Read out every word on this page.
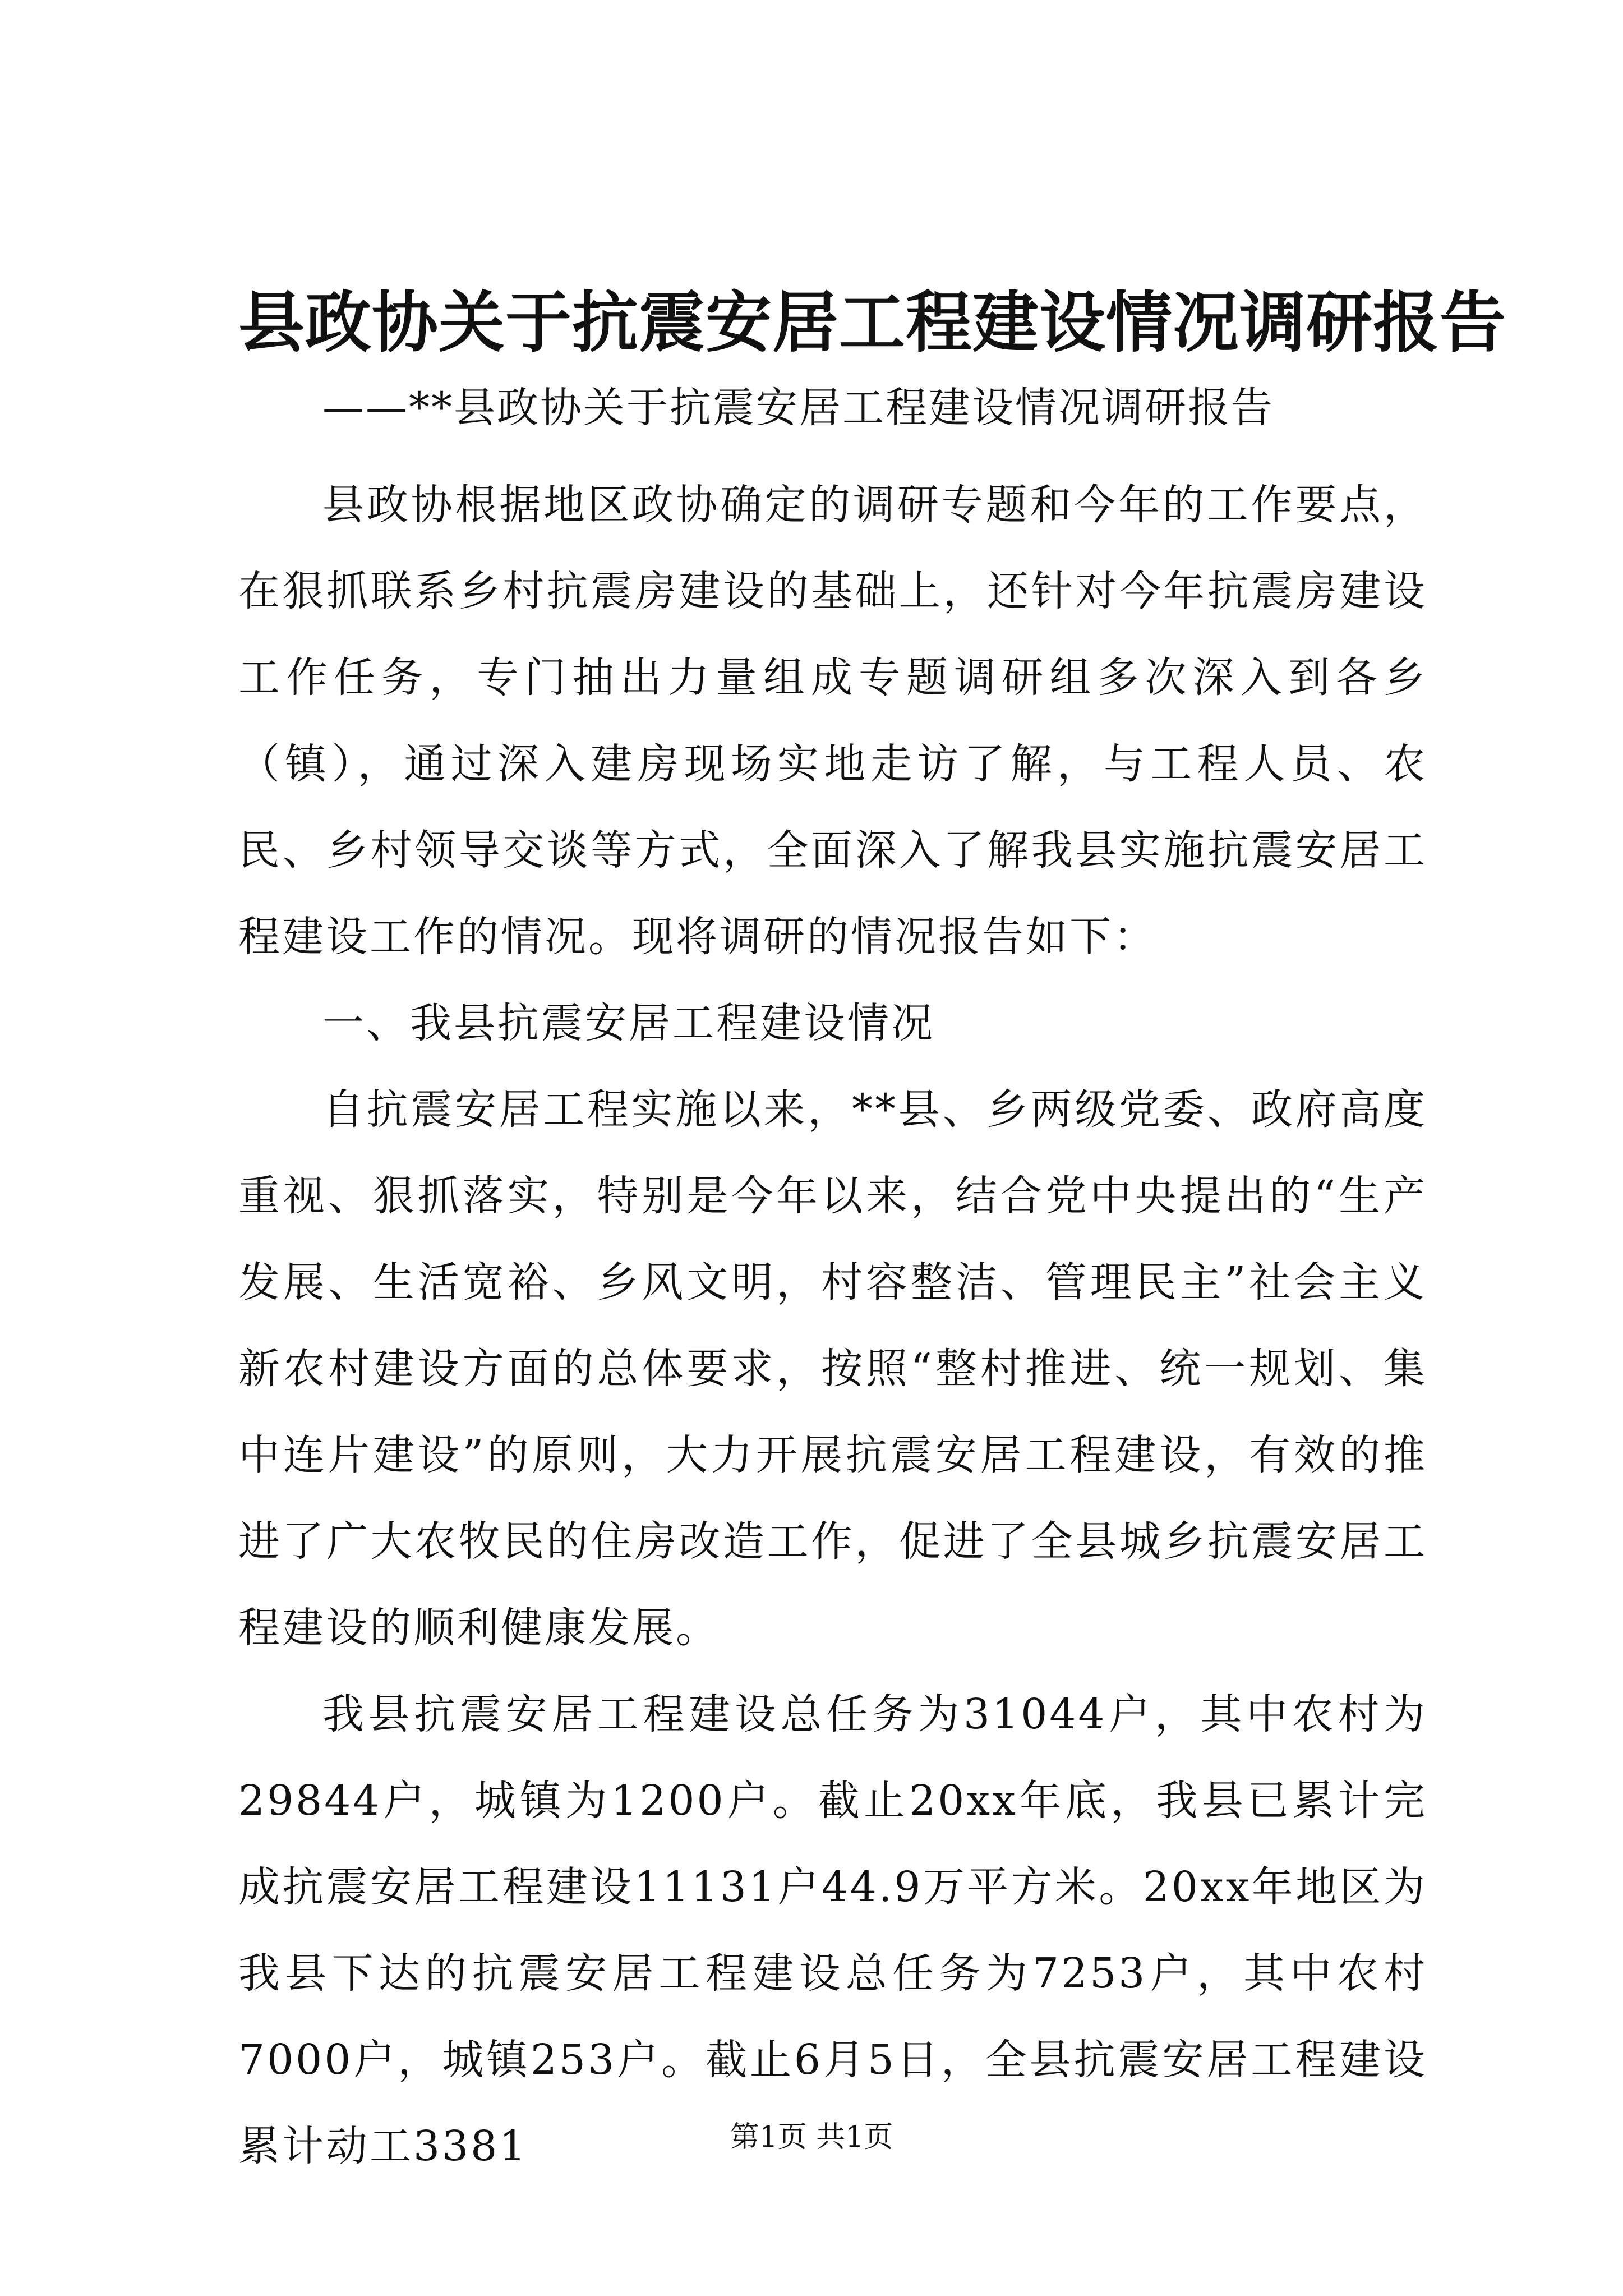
县政协关于抗震安居工程建设情况调研报告
——**县政协关于抗震安居工程建设情况调研报告

县政协根据地区政协确定的调研专题和今年的工作要点，在狠抓联系乡村抗震房建设的基础上，还针对今年抗震房建设工作任务，专门抽出力量组成专题调研组多次深入到各乡（镇），通过深入建房现场实地走访了解，与工程人员、农民、乡村领导交谈等方式，全面深入了解我县实施抗震安居工程建设工作的情况。现将调研的情况报告如下：

一、我县抗震安居工程建设情况

自抗震安居工程实施以来，**县、乡两级党委、政府高度重视、狠抓落实，特别是今年以来，结合党中央提出的“生产发展、生活宽裕、乡风文明，村容整洁、管理民主”社会主义新农村建设方面的总体要求，按照“整村推进、统一规划、集中连片建设”的原则，大力开展抗震安居工程建设，有效的推进了广大农牧民的住房改造工作，促进了全县城乡抗震安居工程建设的顺利健康发展。

我县抗震安居工程建设总任务为31044户，其中农村为29844户，城镇为1200户。截止20xx年底，我县已累计完成抗震安居工程建设11131户44.9万平方米。20xx年地区为我县下达的抗震安居工程建设总任务为7253户，其中农村7000户，城镇253户。截止6月5日，全县抗震安居工程建设累计动工3381	第1页 共1页
